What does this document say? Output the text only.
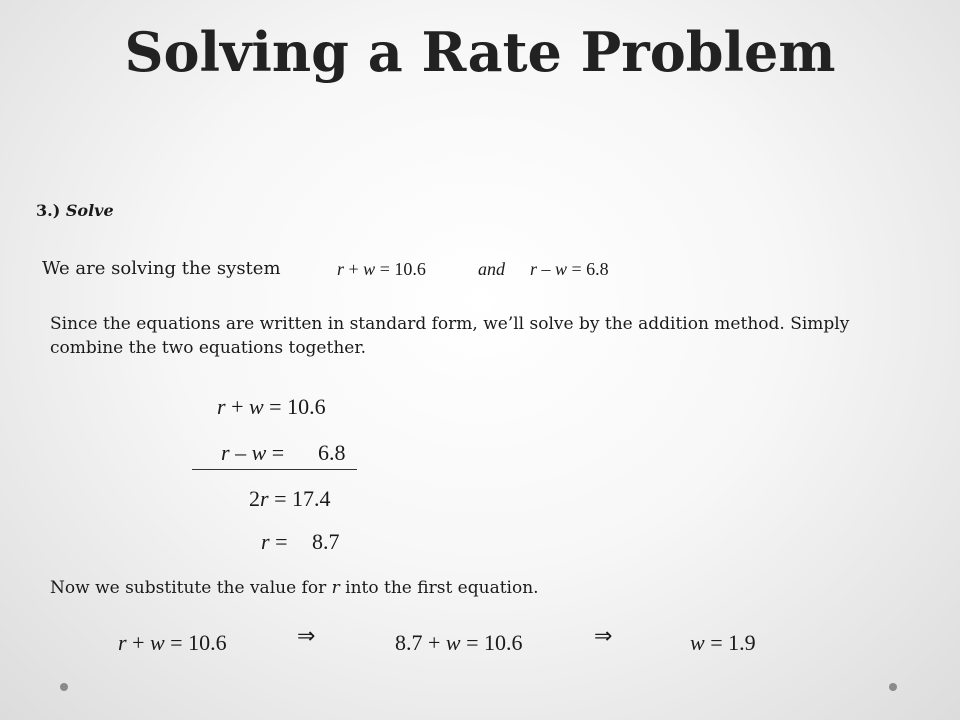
Solving a Rate Problem
3.) Solve
We are solving the system	r + w = 10.6	and r – w = 6.8
Since the equations are written in standard form, we’ll solve by the addition method. Simply combine the two equations together.
r + w = 10.6
r – w = 6.8
2r = 17.4
r = 8.7
Now we substitute the value for r into the first equation.
r + w = 10.6	⇒	8.7 + w = 10.6	⇒	w = 1.9
